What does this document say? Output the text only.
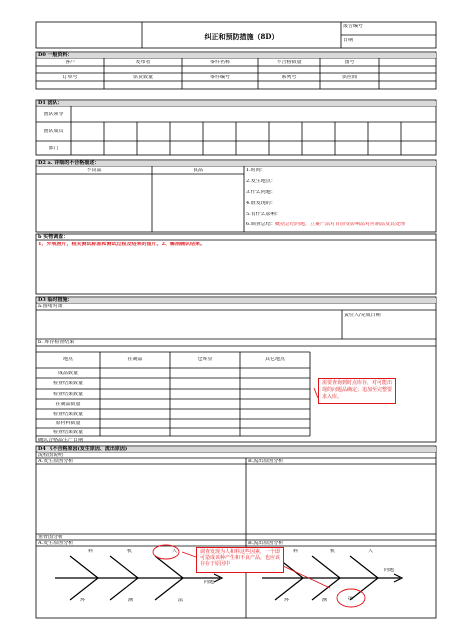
纠正和预防措施（8D）
报告编号
日期
D0 一般资料：
客户	发布者	零件名称	不合格数量	图号
订单号	供货数量	零件编号	系列号	供应商
D1 团队：
团队领导
团队成员
部门
D2 a. 详细的不合格描述：
不良品	良品	1.时间：
2.发生地点：
3.什么问题：
4.谁发现的：
5.有什么影响：
6.调查总结： 概括总结问题，立案产品对目前受影响品对应制品及其处理
b 实物调查：
1、外观照片，相关测试标准和测试过程及结果的图片。2、解剖确认结果。
D3 临时措施：
a.围堵对策
责任人/完成日期
b. 库存检查结果
地点	在制品	仓库里	其它地点
成品数量
检查结果数量
检查结果数量
在制品数量
检查结果数量
原材料数量
检查结果数量
确认合格品生产日期
需要查询到时点库存，对可能出现的问题品确定；追加至完整要求入库。
D4 《不合格原因(发生原因、流出原因)
流程图说明
A.发生原因分析	B.流出原因分析
鱼骨图分析
A.发生原因分析	B.流出原因分析
料	机	人
环	测	法
问题
料	机	人
环	测	法
问题
调查发现为人和料这些因素，一个即可造成该种产生和不良产品，也应该存在于原因中
